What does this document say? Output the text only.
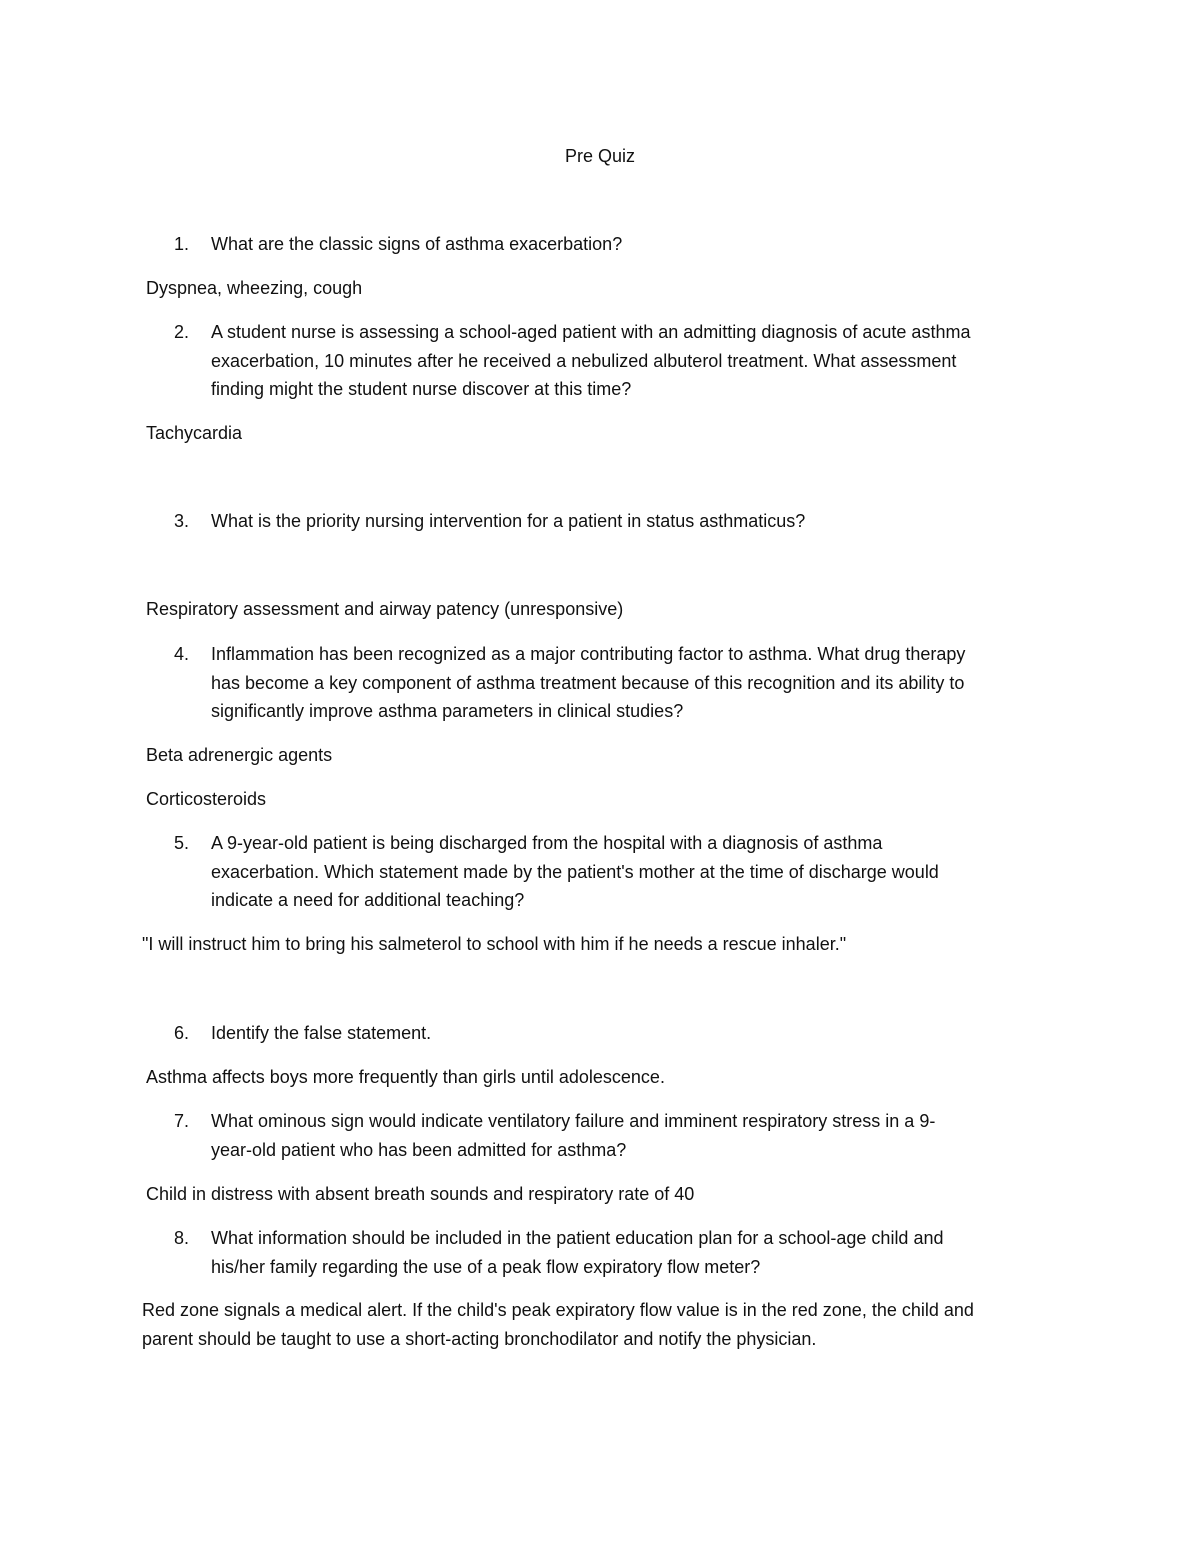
Pre Quiz
1. What are the classic signs of asthma exacerbation?
Dyspnea, wheezing, cough
2. A student nurse is assessing a school-aged patient with an admitting diagnosis of acute asthma
exacerbation, 10 minutes after he received a nebulized albuterol treatment. What assessment
finding might the student nurse discover at this time?
Tachycardia
3. What is the priority nursing intervention for a patient in status asthmaticus?
Respiratory assessment and airway patency (unresponsive)
4. Inflammation has been recognized as a major contributing factor to asthma. What drug therapy
has become a key component of asthma treatment because of this recognition and its ability to
significantly improve asthma parameters in clinical studies?
Beta adrenergic agents
Corticosteroids
5. A 9-year-old patient is being discharged from the hospital with a diagnosis of asthma
exacerbation. Which statement made by the patient's mother at the time of discharge would
indicate a need for additional teaching?
"I will instruct him to bring his salmeterol to school with him if he needs a rescue inhaler."
6. Identify the false statement.
Asthma affects boys more frequently than girls until adolescence.
7. What ominous sign would indicate ventilatory failure and imminent respiratory stress in a 9-
year-old patient who has been admitted for asthma?
Child in distress with absent breath sounds and respiratory rate of 40
8. What information should be included in the patient education plan for a school-age child and
his/her family regarding the use of a peak flow expiratory flow meter?
Red zone signals a medical alert. If the child's peak expiratory flow value is in the red zone, the child and
parent should be taught to use a short-acting bronchodilator and notify the physician.
